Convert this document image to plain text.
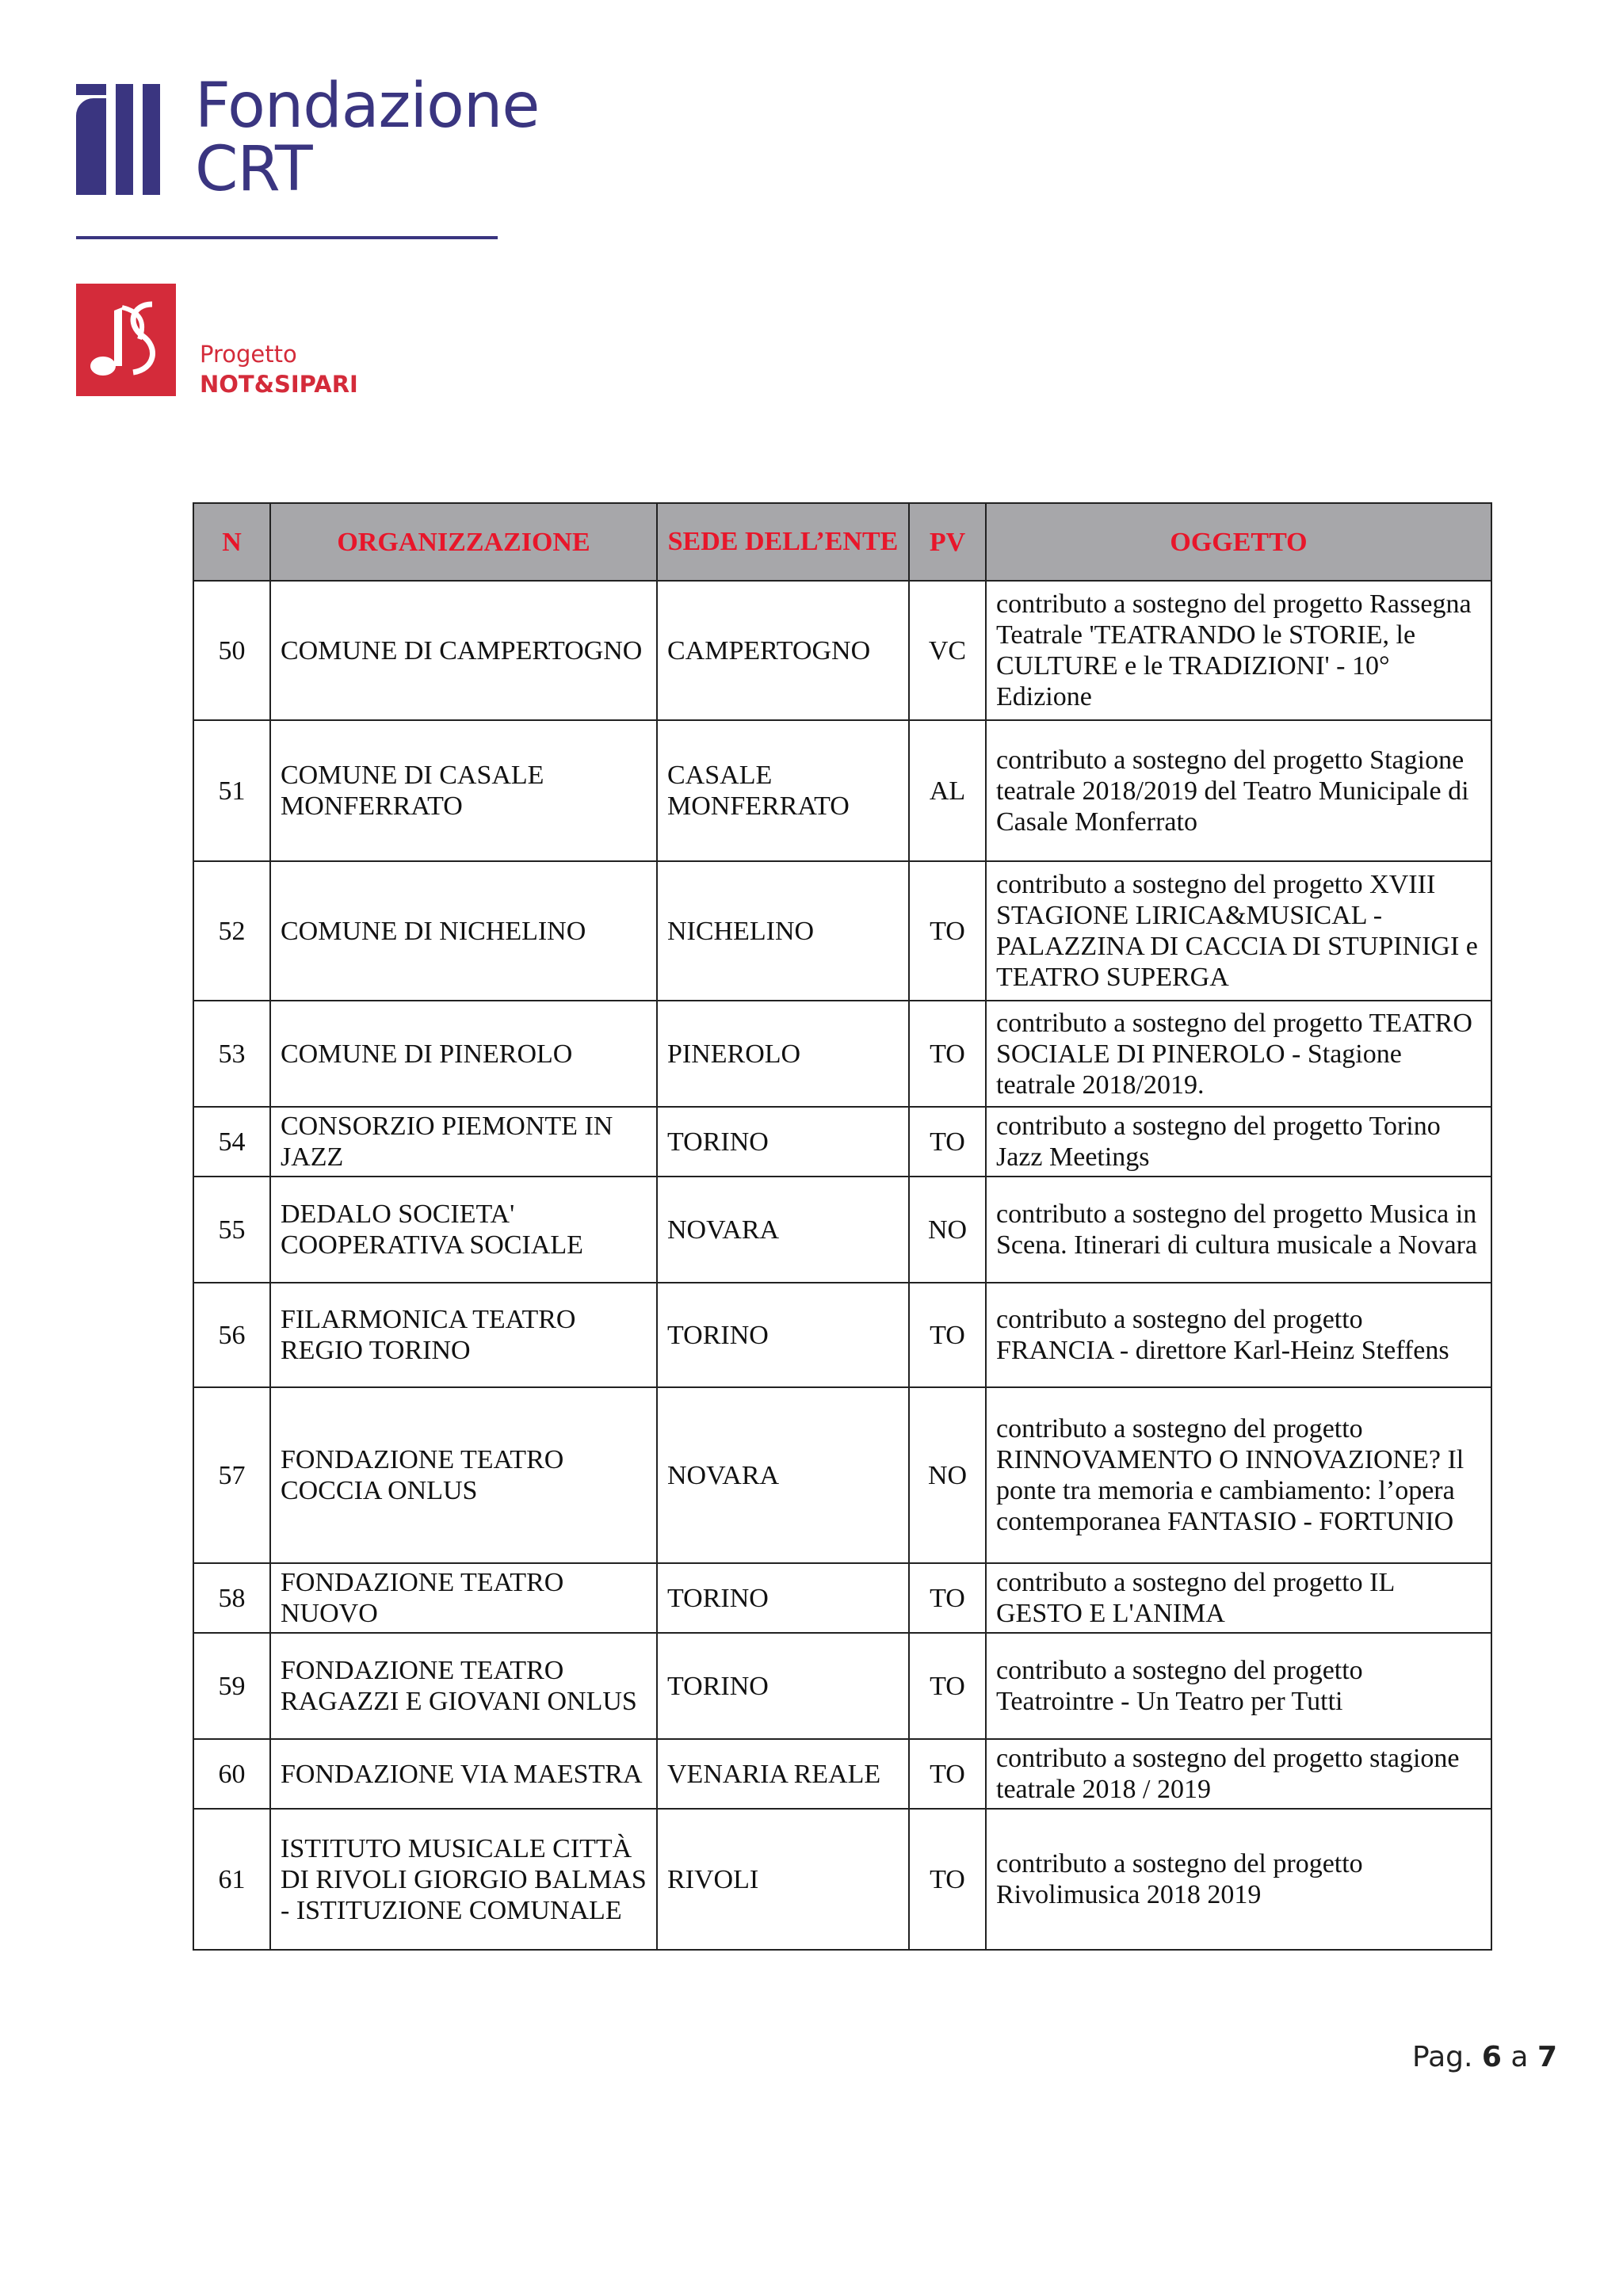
Fondazione
CRT
Progetto
NOT&SIPARI
N	ORGANIZZAZIONE	SEDE DELL’ENTE	PV	OGGETTO
50	COMUNE DI CAMPERTOGNO	CAMPERTOGNO	VC	contributo a sostegno del progetto Rassegna Teatrale 'TEATRANDO le STORIE, le CULTURE e le TRADIZIONI' - 10° Edizione
51	COMUNE DI CASALE MONFERRATO	CASALE MONFERRATO	AL	contributo a sostegno del progetto Stagione teatrale 2018/2019 del Teatro Municipale di Casale Monferrato
52	COMUNE DI NICHELINO	NICHELINO	TO	contributo a sostegno del progetto XVIII STAGIONE LIRICA&MUSICAL - PALAZZINA DI CACCIA DI STUPINIGI e TEATRO SUPERGA
53	COMUNE DI PINEROLO	PINEROLO	TO	contributo a sostegno del progetto TEATRO SOCIALE DI PINEROLO - Stagione teatrale 2018/2019.
54	CONSORZIO PIEMONTE IN JAZZ	TORINO	TO	contributo a sostegno del progetto Torino Jazz Meetings
55	DEDALO SOCIETA' COOPERATIVA SOCIALE	NOVARA	NO	contributo a sostegno del progetto Musica in Scena. Itinerari di cultura musicale a Novara
56	FILARMONICA TEATRO REGIO TORINO	TORINO	TO	contributo a sostegno del progetto FRANCIA - direttore Karl-Heinz Steffens
57	FONDAZIONE TEATRO COCCIA ONLUS	NOVARA	NO	contributo a sostegno del progetto RINNOVAMENTO O INNOVAZIONE? Il ponte tra memoria e cambiamento: l’opera contemporanea FANTASIO - FORTUNIO
58	FONDAZIONE TEATRO NUOVO	TORINO	TO	contributo a sostegno del progetto IL GESTO E L'ANIMA
59	FONDAZIONE TEATRO RAGAZZI E GIOVANI ONLUS	TORINO	TO	contributo a sostegno del progetto Teatrointre - Un Teatro per Tutti
60	FONDAZIONE VIA MAESTRA	VENARIA REALE	TO	contributo a sostegno del progetto stagione teatrale 2018 / 2019
61	ISTITUTO MUSICALE CITTÀ DI RIVOLI GIORGIO BALMAS - ISTITUZIONE COMUNALE	RIVOLI	TO	contributo a sostegno del progetto Rivolimusica 2018 2019
Pag. 6 a 7
